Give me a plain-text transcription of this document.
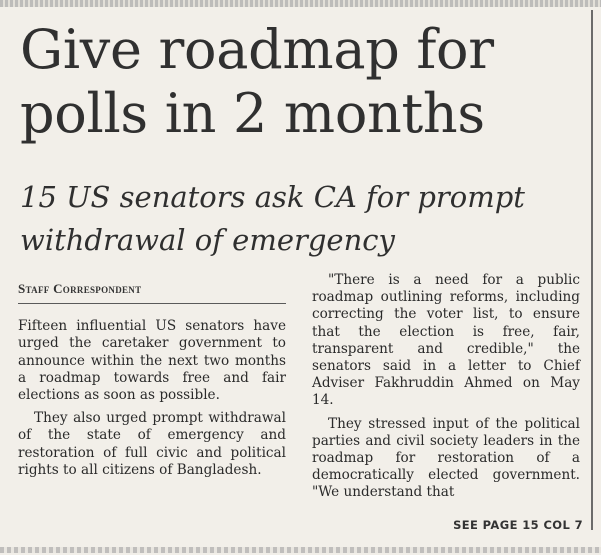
Give roadmap for polls in 2 months
15 US senators ask CA for prompt withdrawal of emergency
Staff Correspondent

Fifteen influential US senators have urged the caretaker government to announce within the next two months a roadmap towards free and fair elections as soon as possible.

They also urged prompt withdrawal of the state of emergency and restoration of full civic and political rights to all citizens of Bangladesh.

"There is a need for a public roadmap outlining reforms, including correcting the voter list, to ensure that the election is free, fair, transparent and credible," the senators said in a letter to Chief Adviser Fakhruddin Ahmed on May 14.

They stressed input of the political parties and civil society leaders in the roadmap for restoration of a democratically elected government. "We understand that

SEE PAGE 15 COL 7
